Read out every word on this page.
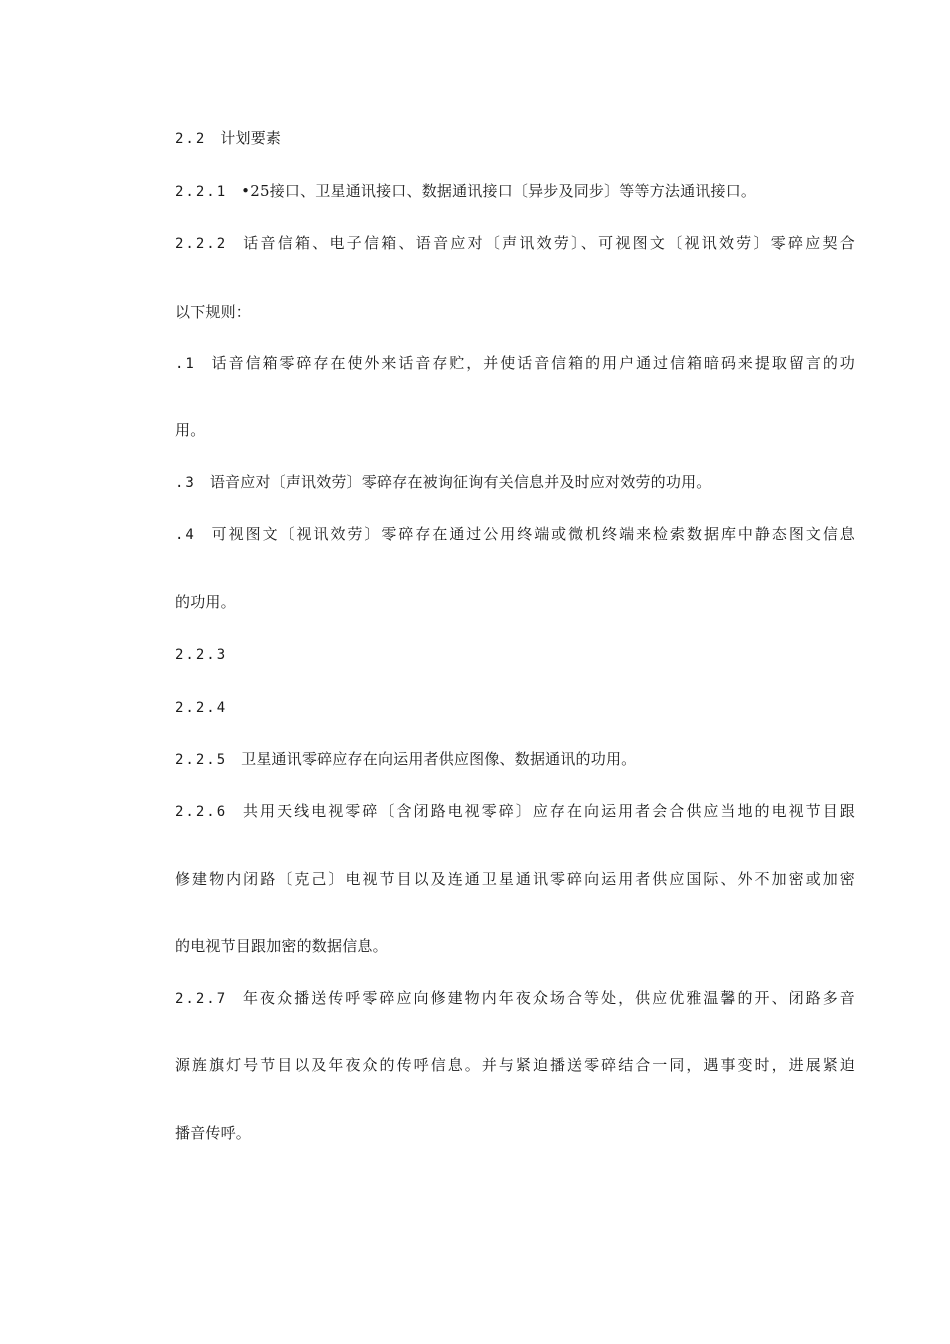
2.2 计划要素
2.2.1 •25接口、卫星通讯接口、数据通讯接口〔异步及同步〕等等方法通讯接口。
2.2.2 话音信箱、电子信箱、语音应对〔声讯效劳〕、可视图文〔视讯效劳〕零碎应契合
以下规则：
.1 话音信箱零碎存在使外来话音存贮，并使话音信箱的用户通过信箱暗码来提取留言的功
用。
.3 语音应对〔声讯效劳〕零碎存在被询征询有关信息并及时应对效劳的功用。
.4 可视图文〔视讯效劳〕零碎存在通过公用终端或微机终端来检索数据库中静态图文信息
的功用。
2.2.3
2.2.4
2.2.5 卫星通讯零碎应存在向运用者供应图像、数据通讯的功用。
2.2.6 共用天线电视零碎〔含闭路电视零碎〕应存在向运用者会合供应当地的电视节目跟
修建物内闭路〔克己〕电视节目以及连通卫星通讯零碎向运用者供应国际、外不加密或加密
的电视节目跟加密的数据信息。
2.2.7 年夜众播送传呼零碎应向修建物内年夜众场合等处，供应优雅温馨的开、闭路多音
源旌旗灯号节目以及年夜众的传呼信息。并与紧迫播送零碎结合一同，遇事变时，进展紧迫
播音传呼。
